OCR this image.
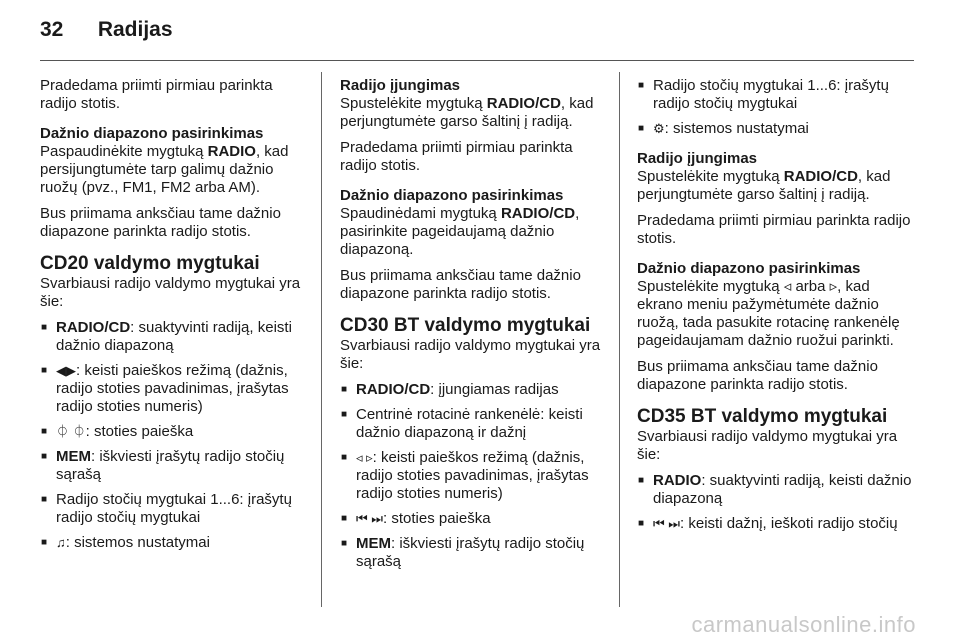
32 Radijas

Pradedama priimti pirmiau parinkta radijo stotis.

Dažnio diapazono pasirinkimas

Paspaudinėkite mygtuką RADIO, kad persijungtumėte tarp galimų dažnio ruožų (pvz., FM1, FM2 arba AM).

Bus priimama anksčiau tame dažnio diapazone parinkta radijo stotis.

CD20 valdymo mygtukai

Svarbiausi radijo valdymo mygtukai yra šie:

■ RADIO/CD: suaktyvinti radiją, keisti dažnio diapazoną
■ ◀▶: keisti paieškos režimą (dažnis, radijo stoties pavadinimas, įrašytas radijo stoties numeris)
■ ⏀ ⏀: stoties paieška
■ MEM: iškviesti įrašytų radijo stočių sąrašą
■ Radijo stočių mygtukai 1...6: įrašytų radijo stočių mygtukai
■ ♫: sistemos nustatymai
Radijo įjungimas

Spustelėkite mygtuką RADIO/CD, kad perjungtumėte garso šaltinį į radiją.

Pradedama priimti pirmiau parinkta radijo stotis.

Dažnio diapazono pasirinkimas

Spaudinėdami mygtuką RADIO/CD, pasirinkite pageidaujamą dažnio diapazoną.

Bus priimama anksčiau tame dažnio diapazone parinkta radijo stotis.

CD30 BT valdymo mygtukai

Svarbiausi radijo valdymo mygtukai yra šie:

■ RADIO/CD: įjungiamas radijas
■ Centrinė rotacinė rankenėlė: keisti dažnio diapazoną ir dažnį
■ ◃ ▹: keisti paieškos režimą (dažnis, radijo stoties pavadinimas, įrašytas radijo stoties numeris)
■ ⏮ ⏭: stoties paieška
■ MEM: iškviesti įrašytų radijo stočių sąrašą
■ Radijo stočių mygtukai 1...6: įrašytų radijo stočių mygtukai
■ ⚙: sistemos nustatymai
Radijo įjungimas

Spustelėkite mygtuką RADIO/CD, kad perjungtumėte garso šaltinį į radiją.

Pradedama priimti pirmiau parinkta radijo stotis.

Dažnio diapazono pasirinkimas

Spustelėkite mygtuką ◃ arba ▹, kad ekrano meniu pažymėtumėte dažnio ruožą, tada pasukite rotacinę rankenėlę pageidaujamam dažnio ruožui parinkti.

Bus priimama anksčiau tame dažnio diapazone parinkta radijo stotis.

CD35 BT valdymo mygtukai

Svarbiausi radijo valdymo mygtukai yra šie:

■ RADIO: suaktyvinti radiją, keisti dažnio diapazoną
■ ⏮ ⏭: keisti dažnį, ieškoti radijo stočių
carmanualsonline.info
